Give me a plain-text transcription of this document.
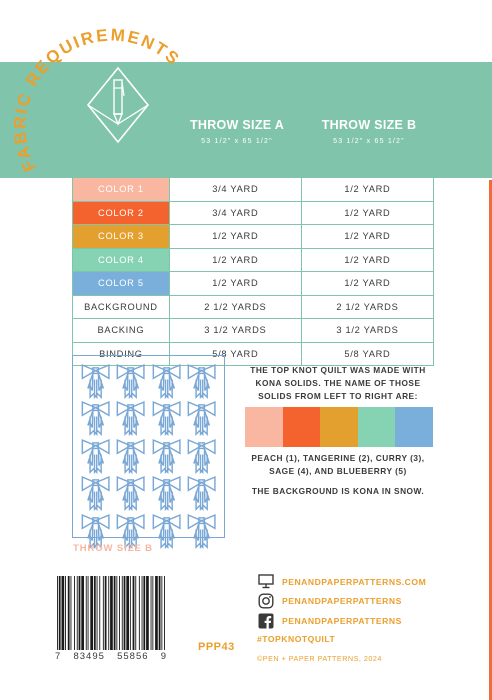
FABRIC REQUIREMENTS
THROW SIZE A
53 1/2" x 65 1/2"
THROW SIZE B
53 1/2" x 65 1/2"

COLOR 1	3/4 YARD	1/2 YARD
COLOR 2	3/4 YARD	1/2 YARD
COLOR 3	1/2 YARD	1/2 YARD
COLOR 4	1/2 YARD	1/2 YARD
COLOR 5	1/2 YARD	1/2 YARD
BACKGROUND	2 1/2 YARDS	2 1/2 YARDS
BACKING	3 1/2 YARDS	3 1/2 YARDS
BINDING	5/8 YARD	5/8 YARD
THROW SIZE B
THE TOP KNOT QUILT WAS MADE WITH
KONA SOLIDS. THE NAME OF THOSE
SOLIDS FROM LEFT TO RIGHT ARE:
PEACH (1), TANGERINE (2), CURRY (3),
SAGE (4), AND BLUEBERRY (5)
THE BACKGROUND IS KONA IN SNOW.
7 83495 55856 9
PPP43
PENANDPAPERPATTERNS.COM
PENANDPAPERPATTERNS
PENANDPAPERPATTERNS
#TOPKNOTQUILT
©PEN + PAPER PATTERNS, 2024
